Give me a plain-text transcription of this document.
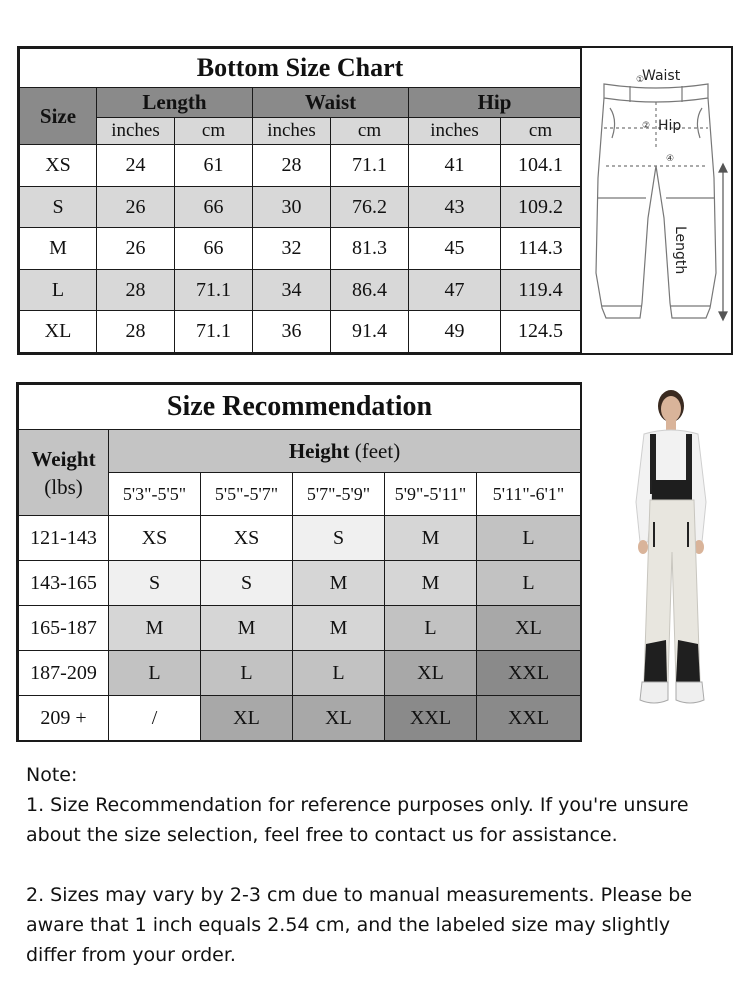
Bottom Size Chart						
Size	Length		Waist		Hip	
	inches	cm	inches	cm	inches	cm
XS	24	61	28	71.1	41	104.1
S	26	66	30	76.2	43	109.2
M	26	66	32	81.3	45	114.3
L	28	71.1	34	86.4	47	119.4
XL	28	71.1	36	91.4	49	124.5
①
②
④
Waist
Hip
Length
Size Recommendation					
Weight
(lbs)	Height (feet)				
	5'3"-5'5"	5'5"-5'7"	5'7"-5'9"	5'9"-5'11"	5'11"-6'1"
121-143	XS	XS	S	M	L
143-165	S	S	M	M	L
165-187	M	M	M	L	XL
187-209	L	L	L	XL	XXL
209 +	/	XL	XL	XXL	XXL

Note:

1. Size Recommendation for reference purposes only. If you're unsure about the size selection, feel free to contact us for assistance.

2. Sizes may vary by 2-3 cm due to manual measurements. Please be aware that 1 inch equals 2.54 cm, and the labeled size may slightly differ from your order.
